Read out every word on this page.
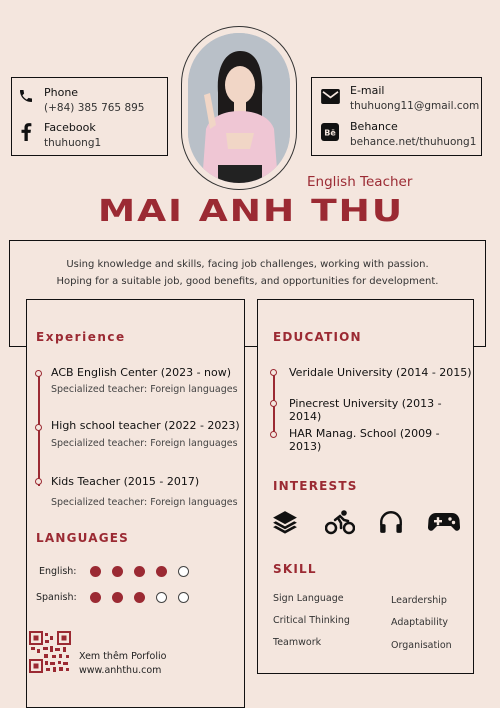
Phone
(+84) 385 765 895
Facebook
thuhuong1
E-mail
thuhuong11@gmail.com
Bē Behance
behance.net/thuhuong1
English Teacher
MAI ANH THU

Using knowledge and skills, facing job challenges, working with passion.

Hoping for a suitable job, good benefits, and opportunities for development.

Experience
ACB English Center (2023 - now)
Specialized teacher: Foreign languages
High school teacher (2022 - 2023)
Specialized teacher: Foreign languages
Kids Teacher (2015 - 2017)
Specialized teacher: Foreign languages
LANGUAGES
English:
Spanish:
Xem thêm Porfolio
www.anhthu.com
EDUCATION
Veridale University (2014 - 2015)
Pinecrest University (2013 - 2014)
HAR Manag. School (2009 - 2013)
INTERESTS
SKILL
Sign Language
Critical Thinking
Teamwork
Leardership
Adaptability
Organisation
